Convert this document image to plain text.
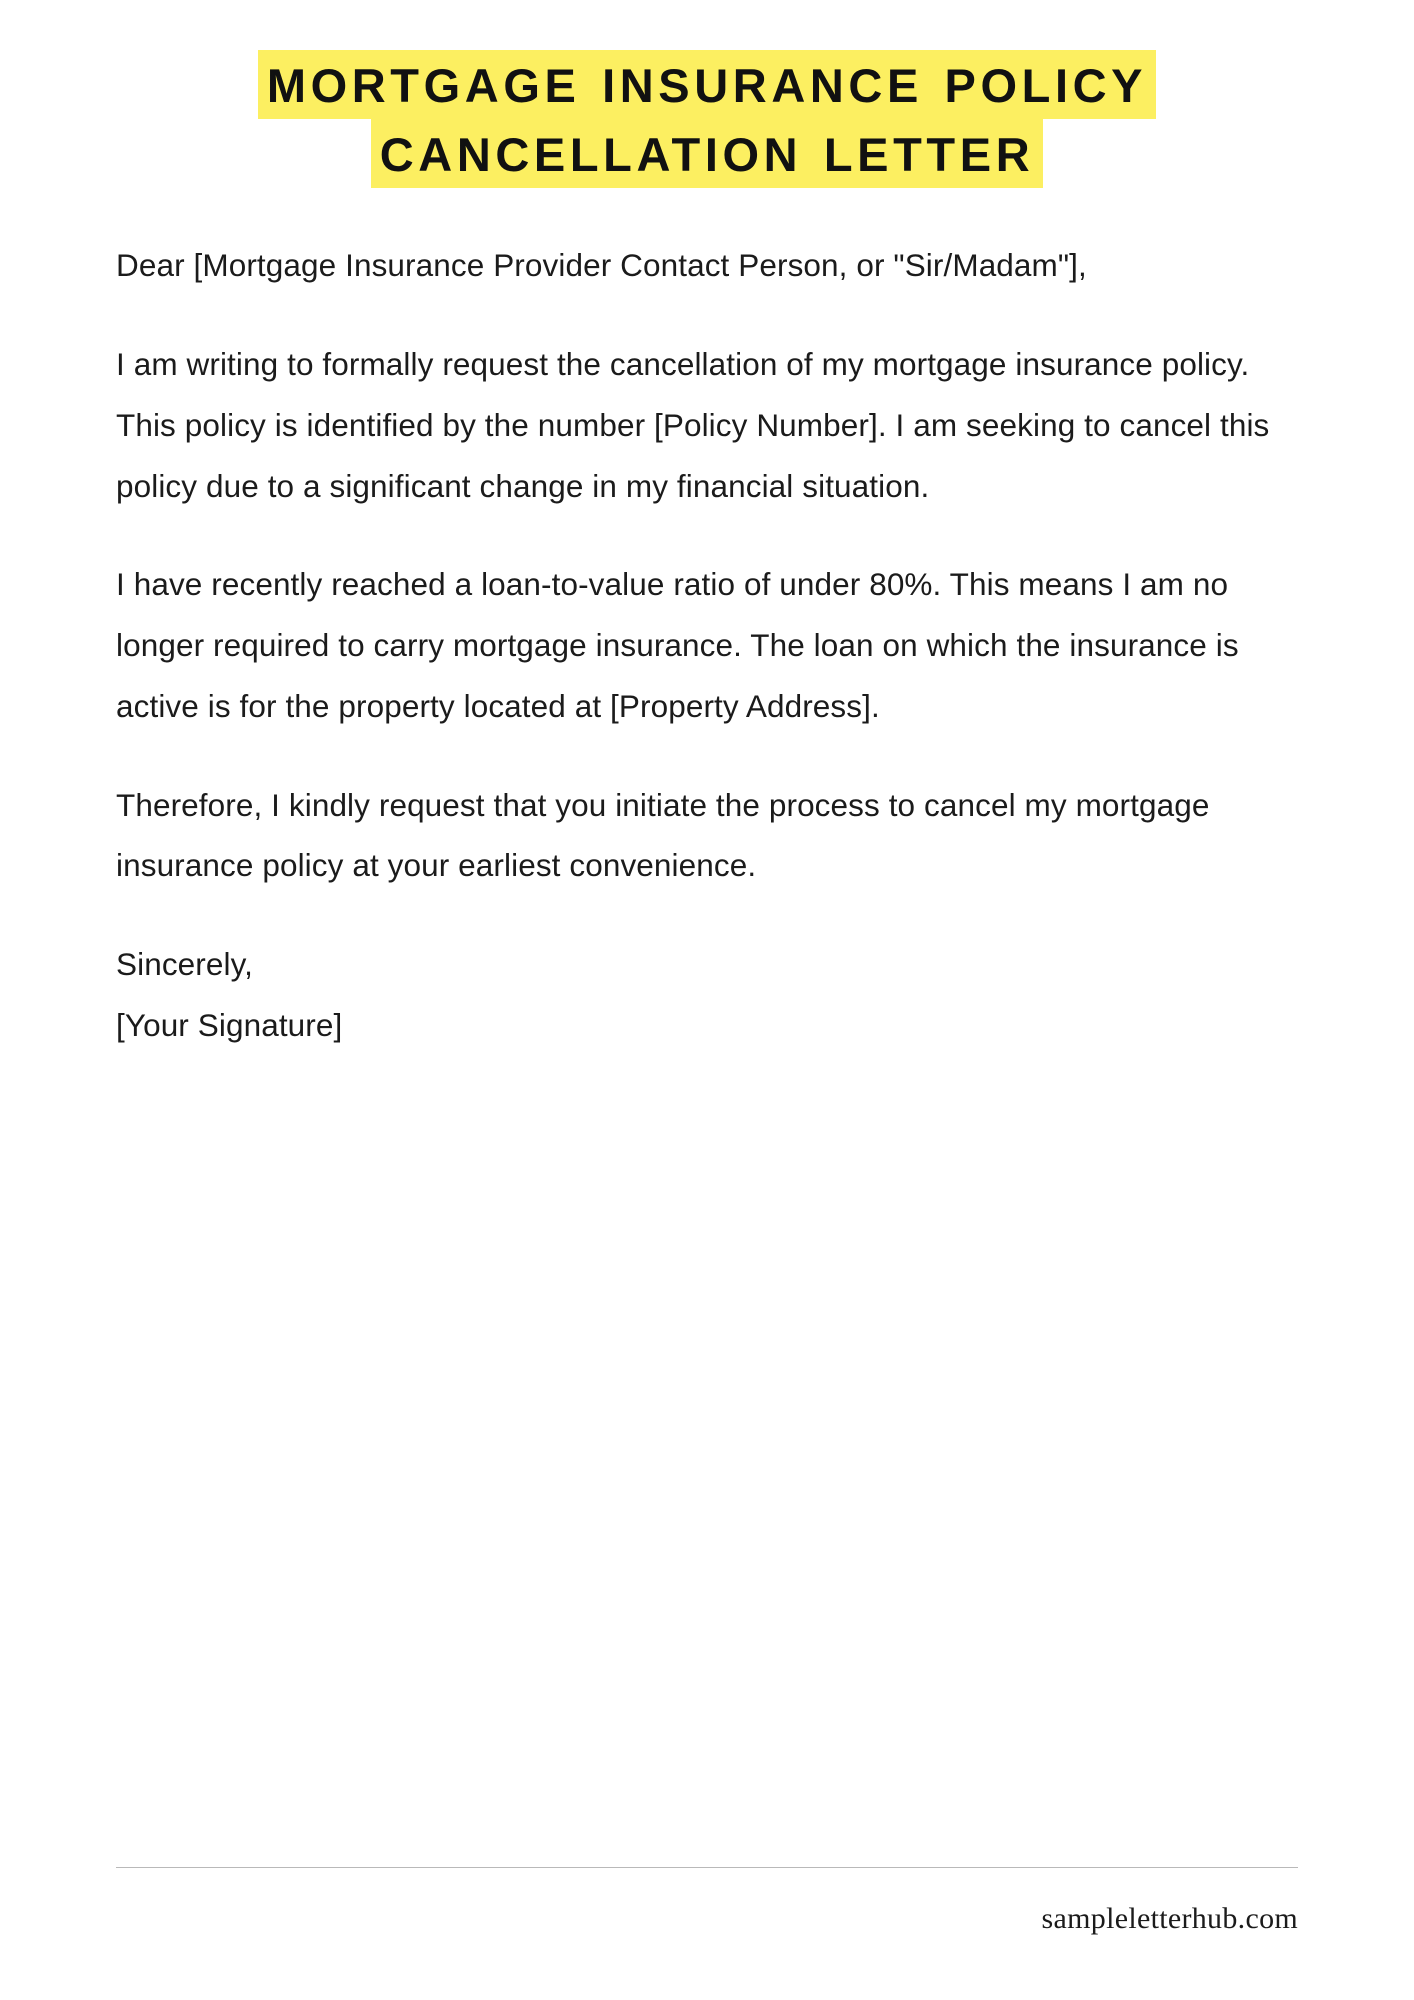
MORTGAGE INSURANCE POLICY CANCELLATION LETTER

Dear [Mortgage Insurance Provider Contact Person, or "Sir/Madam"],

I am writing to formally request the cancellation of my mortgage insurance policy. This policy is identified by the number [Policy Number]. I am seeking to cancel this policy due to a significant change in my financial situation.

I have recently reached a loan-to-value ratio of under 80%. This means I am no longer required to carry mortgage insurance. The loan on which the insurance is active is for the property located at [Property Address].

Therefore, I kindly request that you initiate the process to cancel my mortgage insurance policy at your earliest convenience.

Sincerely,

[Your Signature]

sampleletterhub.com
